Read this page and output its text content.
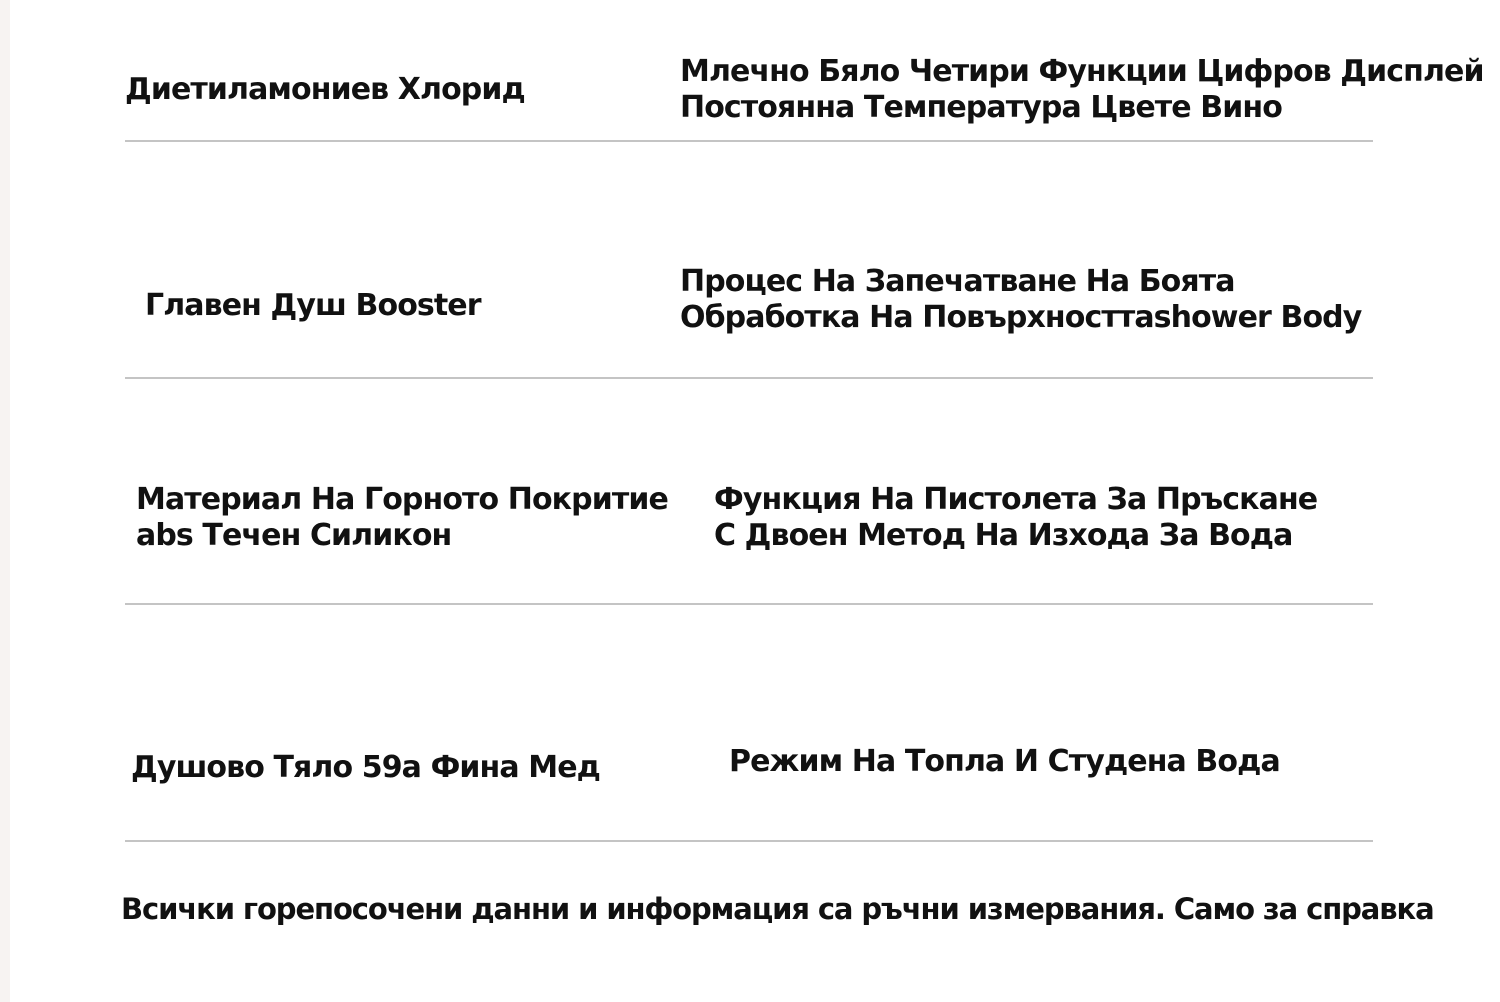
Диетиламониев Хлорид
Млечно Бяло Четири Функции Цифров Дисплей
Постоянна Температура Цвете Вино
Главен Душ Booster
Процес На Запечатване На Боята
Обработка На Повърхносттаshower Body
Материал На Горното Покритие
abs Течен Силикон
Функция На Пистолета За Пръскане
С Двоен Метод На Изхода За Вода
Душово Тяло 59а Фина Мед	Режим На Топла И Студена Вода

Всички горепосочени данни и информация са ръчни измервания. Само за справка
